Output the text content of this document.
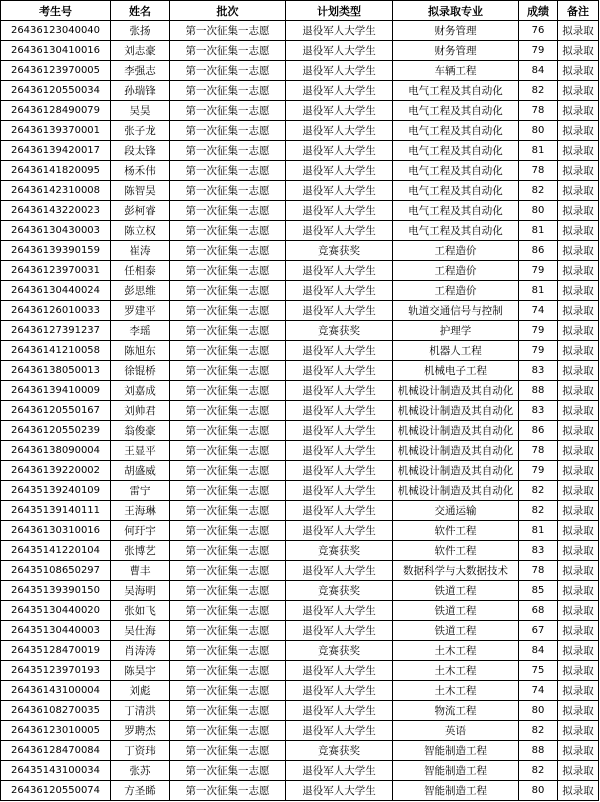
考生号	姓名	批次	计划类型	拟录取专业	成绩	备注
26436123040040	张扬	第一次征集一志愿	退役军人大学生	财务管理	76	拟录取
26436130410016	刘志豪	第一次征集一志愿	退役军人大学生	财务管理	79	拟录取
26436123970005	李强志	第一次征集一志愿	退役军人大学生	车辆工程	84	拟录取
26436120550034	孙瑞锋	第一次征集一志愿	退役军人大学生	电气工程及其自动化	82	拟录取
26436128490079	吴昊	第一次征集一志愿	退役军人大学生	电气工程及其自动化	78	拟录取
26436139370001	张子龙	第一次征集一志愿	退役军人大学生	电气工程及其自动化	80	拟录取
26436139420017	段太锋	第一次征集一志愿	退役军人大学生	电气工程及其自动化	81	拟录取
26436141820095	杨禾伟	第一次征集一志愿	退役军人大学生	电气工程及其自动化	78	拟录取
26436142310008	陈智昊	第一次征集一志愿	退役军人大学生	电气工程及其自动化	82	拟录取
26436143220023	彭柯睿	第一次征集一志愿	退役军人大学生	电气工程及其自动化	80	拟录取
26436130430003	陈立权	第一次征集一志愿	退役军人大学生	电气工程及其自动化	81	拟录取
26436139390159	崔涛	第一次征集一志愿	竞赛获奖	工程造价	86	拟录取
26436123970031	任相泰	第一次征集一志愿	退役军人大学生	工程造价	79	拟录取
26436130440024	彭思维	第一次征集一志愿	退役军人大学生	工程造价	81	拟录取
26436126010033	罗建平	第一次征集一志愿	退役军人大学生	轨道交通信号与控制	74	拟录取
26436127391237	李瑶	第一次征集一志愿	竞赛获奖	护理学	79	拟录取
26436141210058	陈旭东	第一次征集一志愿	退役军人大学生	机器人工程	79	拟录取
26436138050013	徐锟桥	第一次征集一志愿	退役军人大学生	机械电子工程	83	拟录取
26436139410009	刘嘉成	第一次征集一志愿	退役军人大学生	机械设计制造及其自动化	88	拟录取
26436120550167	刘帅君	第一次征集一志愿	退役军人大学生	机械设计制造及其自动化	83	拟录取
26436120550239	翁俊豪	第一次征集一志愿	退役军人大学生	机械设计制造及其自动化	86	拟录取
26436138090004	王显平	第一次征集一志愿	退役军人大学生	机械设计制造及其自动化	78	拟录取
26436139220002	胡盛威	第一次征集一志愿	退役军人大学生	机械设计制造及其自动化	79	拟录取
26435139240109	雷宁	第一次征集一志愿	退役军人大学生	机械设计制造及其自动化	82	拟录取
26435139140111	王海琳	第一次征集一志愿	退役军人大学生	交通运输	82	拟录取
26436130310016	何玗宇	第一次征集一志愿	退役军人大学生	软件工程	81	拟录取
26435141220104	张博艺	第一次征集一志愿	竞赛获奖	软件工程	83	拟录取
26435108650297	曹丰	第一次征集一志愿	退役军人大学生	数据科学与大数据技术	78	拟录取
26435139390150	吴海明	第一次征集一志愿	竞赛获奖	铁道工程	85	拟录取
26435130440020	张如飞	第一次征集一志愿	退役军人大学生	铁道工程	68	拟录取
26435130440003	吴仕海	第一次征集一志愿	退役军人大学生	铁道工程	67	拟录取
26435128470019	肖涛涛	第一次征集一志愿	竞赛获奖	土木工程	84	拟录取
26435123970193	陈昊宇	第一次征集一志愿	退役军人大学生	土木工程	75	拟录取
26436143100004	刘彪	第一次征集一志愿	退役军人大学生	土木工程	74	拟录取
26436108270035	丁清洪	第一次征集一志愿	退役军人大学生	物流工程	80	拟录取
26436123010005	罗聘杰	第一次征集一志愿	退役军人大学生	英语	82	拟录取
26436128470084	丁资玮	第一次征集一志愿	竞赛获奖	智能制造工程	88	拟录取
26435143100034	张苏	第一次征集一志愿	退役军人大学生	智能制造工程	82	拟录取
26436120550074	方圣睎	第一次征集一志愿	退役军人大学生	智能制造工程	80	拟录取
